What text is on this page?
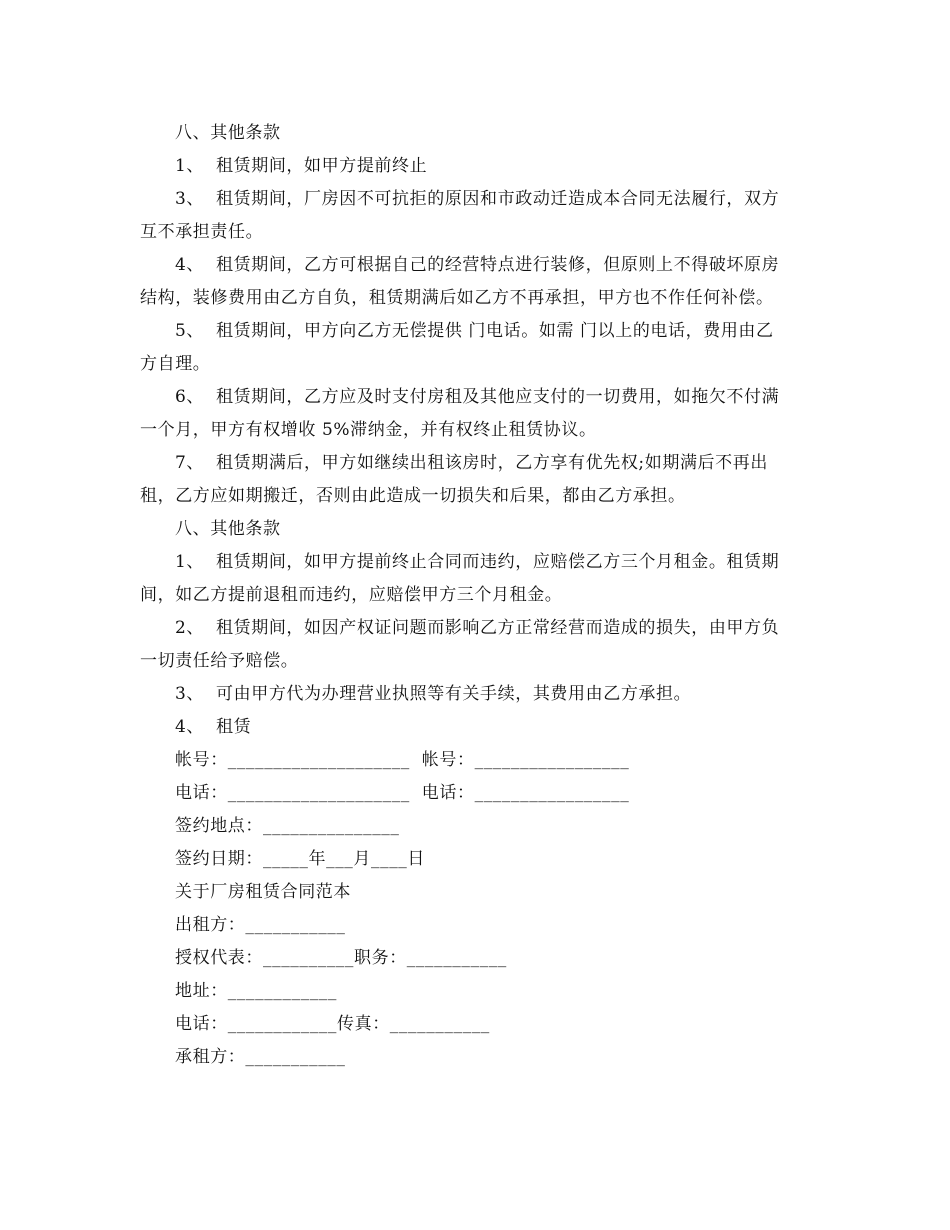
八、其他条款
1、  租赁期间，如甲方提前终止
3、  租赁期间，厂房因不可抗拒的原因和市政动迁造成本合同无法履行，双方
互不承担责任。
4、  租赁期间，乙方可根据自己的经营特点进行装修，但原则上不得破坏原房
结构，装修费用由乙方自负，租赁期满后如乙方不再承担，甲方也不作任何补偿。
5、  租赁期间，甲方向乙方无偿提供 门电话。如需 门以上的电话，费用由乙
方自理。
6、  租赁期间，乙方应及时支付房租及其他应支付的一切费用，如拖欠不付满
一个月，甲方有权增收 5%滞纳金，并有权终止租赁协议。
7、  租赁期满后，甲方如继续出租该房时，乙方享有优先权;如期满后不再出
租，乙方应如期搬迁，否则由此造成一切损失和后果，都由乙方承担。
八、其他条款
1、  租赁期间，如甲方提前终止合同而违约，应赔偿乙方三个月租金。租赁期
间，如乙方提前退租而违约，应赔偿甲方三个月租金。
2、  租赁期间，如因产权证问题而影响乙方正常经营而造成的损失，由甲方负
一切责任给予赔偿。
3、  可由甲方代为办理营业执照等有关手续，其费用由乙方承担。
4、  租赁
帐号：____________________  帐号：_________________
电话：____________________  电话：_________________
签约地点：_______________
签约日期：_____年___月____日
关于厂房租赁合同范本
出租方：___________
授权代表：__________职务：___________
地址：____________
电话：____________传真：___________
承租方：___________
